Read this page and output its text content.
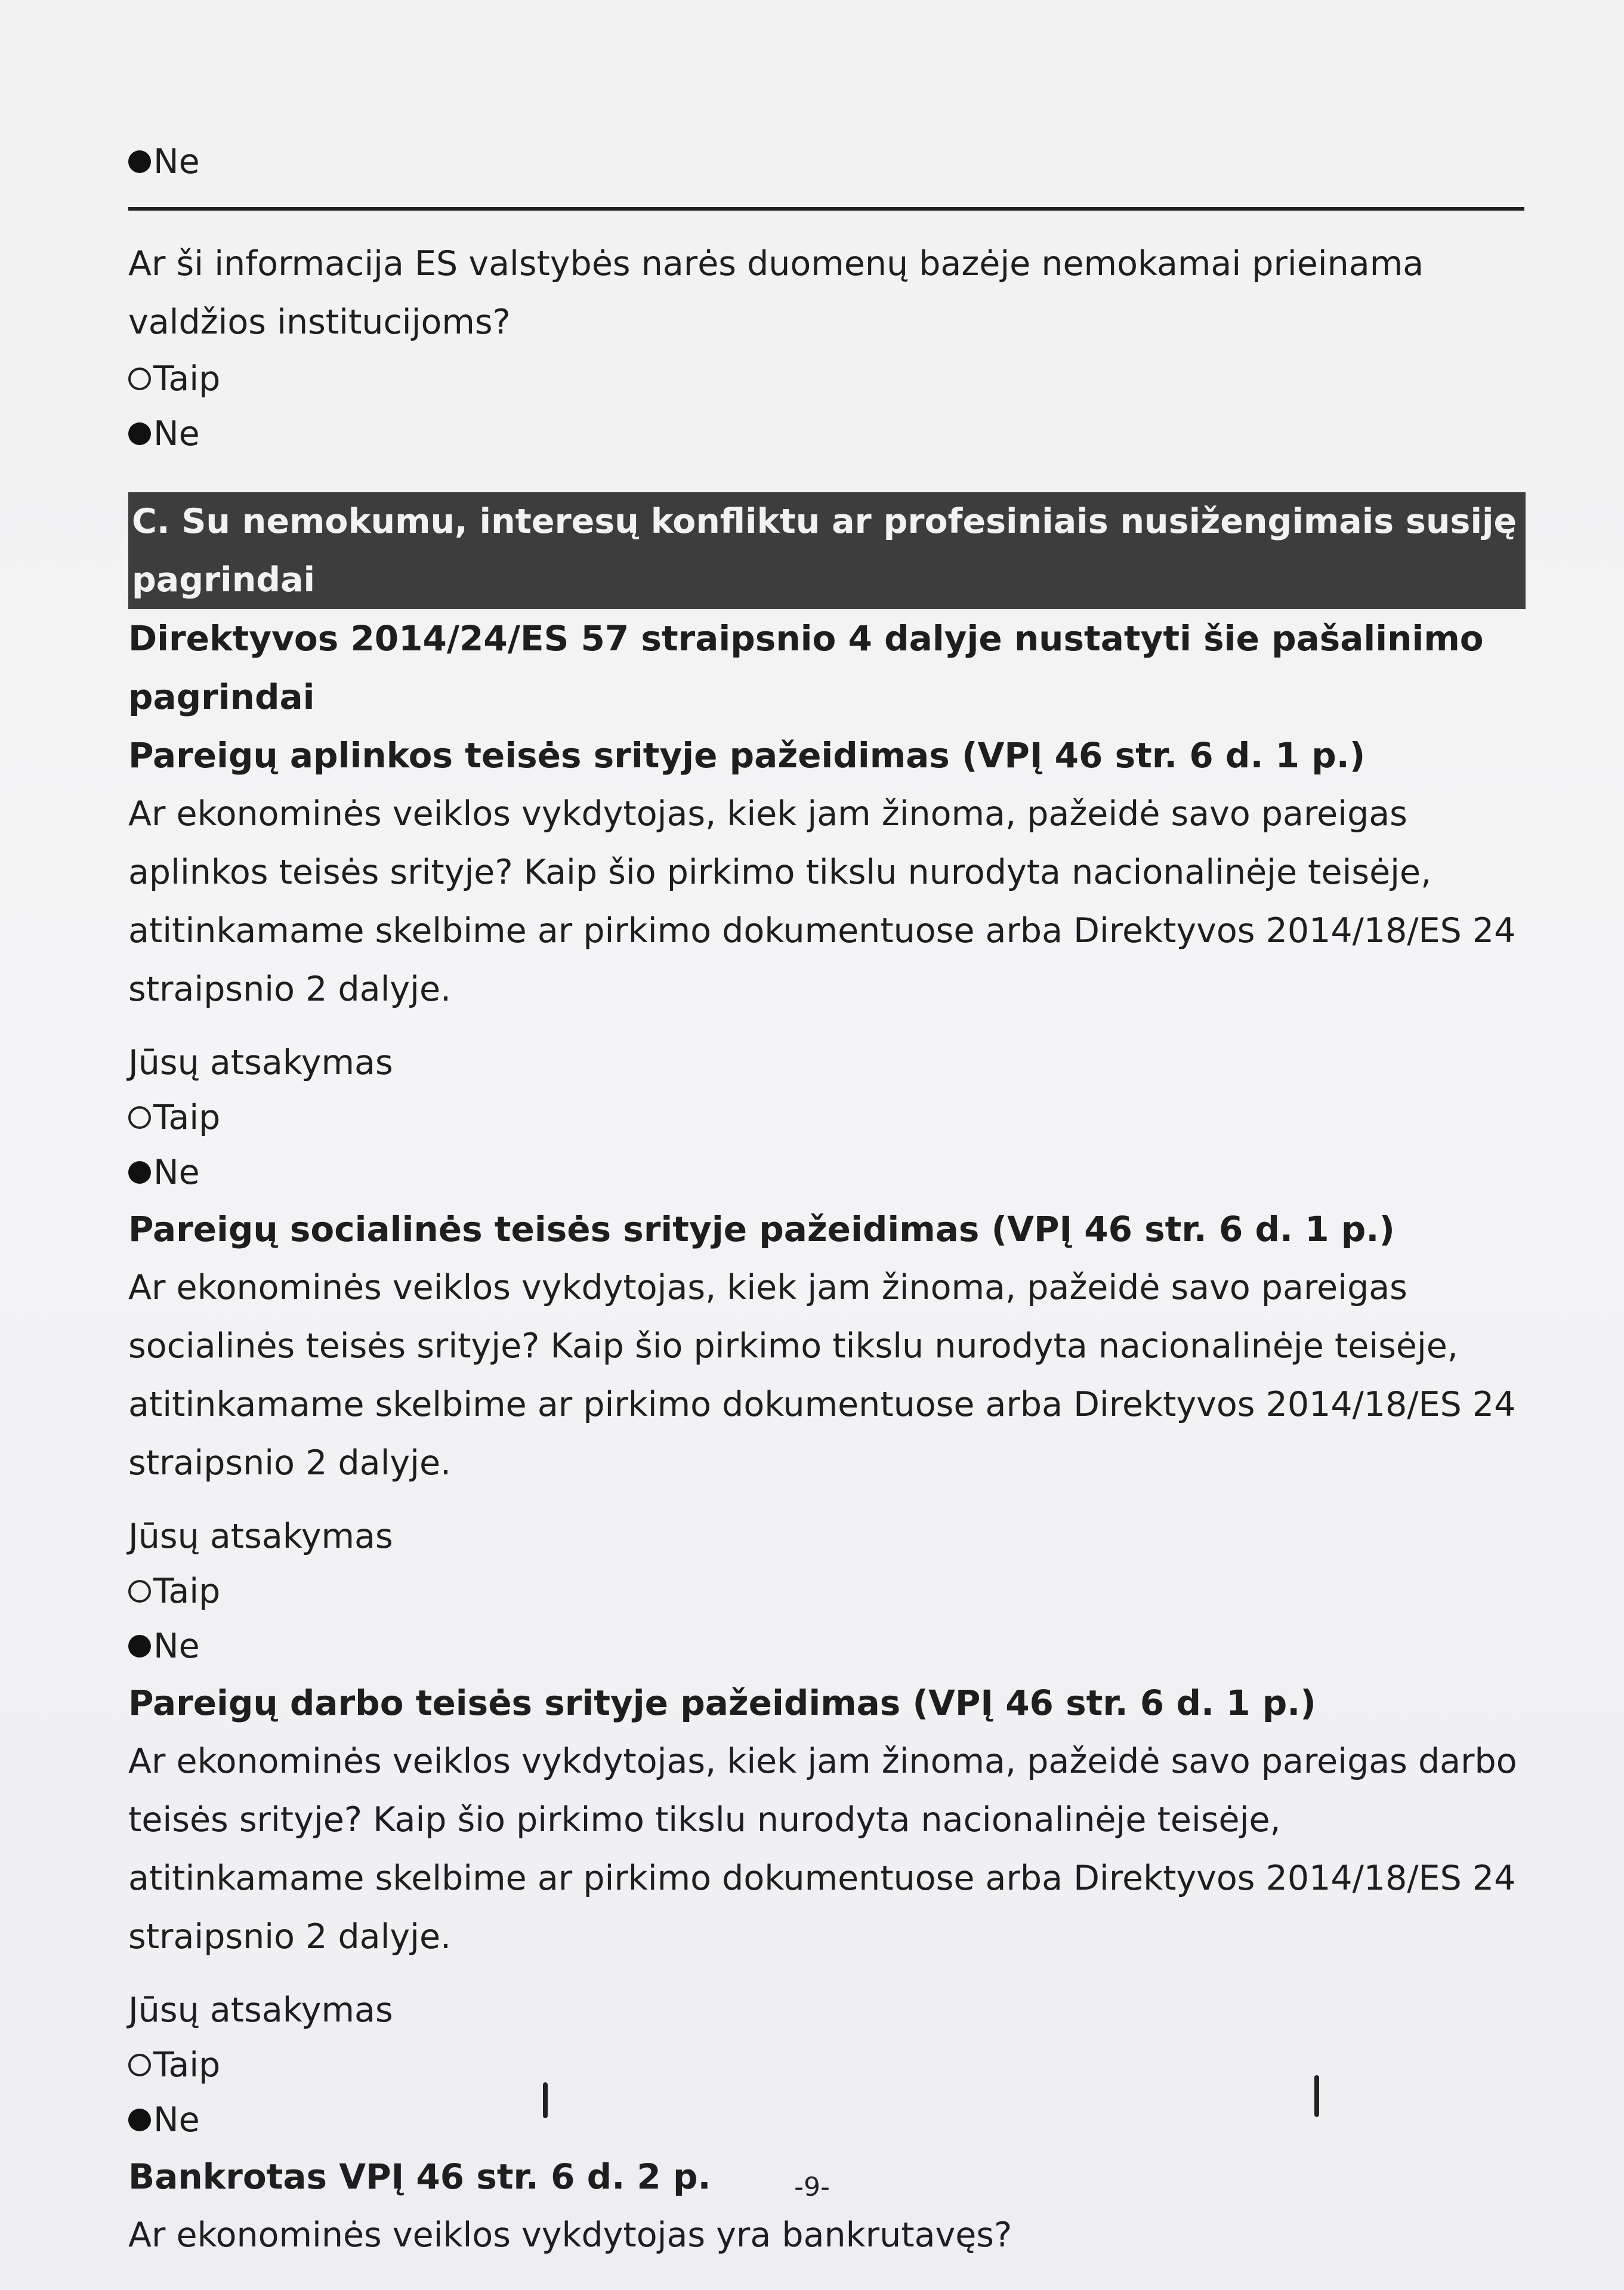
Ne

Ar ši informacija ES valstybės narės duomenų bazėje nemokamai prieinama valdžios institucijoms?

Taip

Ne

C. Su nemokumu, interesų konfliktu ar profesiniais nusižengimais susiję pagrindai

Direktyvos 2014/24/ES 57 straipsnio 4 dalyje nustatyti šie pašalinimo pagrindai

Pareigų aplinkos teisės srityje pažeidimas (VPĮ 46 str. 6 d. 1 p.)

Ar ekonominės veiklos vykdytojas, kiek jam žinoma, pažeidė savo pareigas aplinkos teisės srityje? Kaip šio pirkimo tikslu nurodyta nacionalinėje teisėje, atitinkamame skelbime ar pirkimo dokumentuose arba Direktyvos 2014/18/ES 24 straipsnio 2 dalyje.

Jūsų atsakymas

Taip

Ne

Pareigų socialinės teisės srityje pažeidimas (VPĮ 46 str. 6 d. 1 p.)

Ar ekonominės veiklos vykdytojas, kiek jam žinoma, pažeidė savo pareigas socialinės teisės srityje? Kaip šio pirkimo tikslu nurodyta nacionalinėje teisėje, atitinkamame skelbime ar pirkimo dokumentuose arba Direktyvos 2014/18/ES 24 straipsnio 2 dalyje.

Jūsų atsakymas

Taip

Ne

Pareigų darbo teisės srityje pažeidimas (VPĮ 46 str. 6 d. 1 p.)

Ar ekonominės veiklos vykdytojas, kiek jam žinoma, pažeidė savo pareigas darbo teisės srityje? Kaip šio pirkimo tikslu nurodyta nacionalinėje teisėje, atitinkamame skelbime ar pirkimo dokumentuose arba Direktyvos 2014/18/ES 24 straipsnio 2 dalyje.

Jūsų atsakymas

Taip

Ne

Bankrotas VPĮ 46 str. 6 d. 2 p.

Ar ekonominės veiklos vykdytojas yra bankrutavęs?

-9-
